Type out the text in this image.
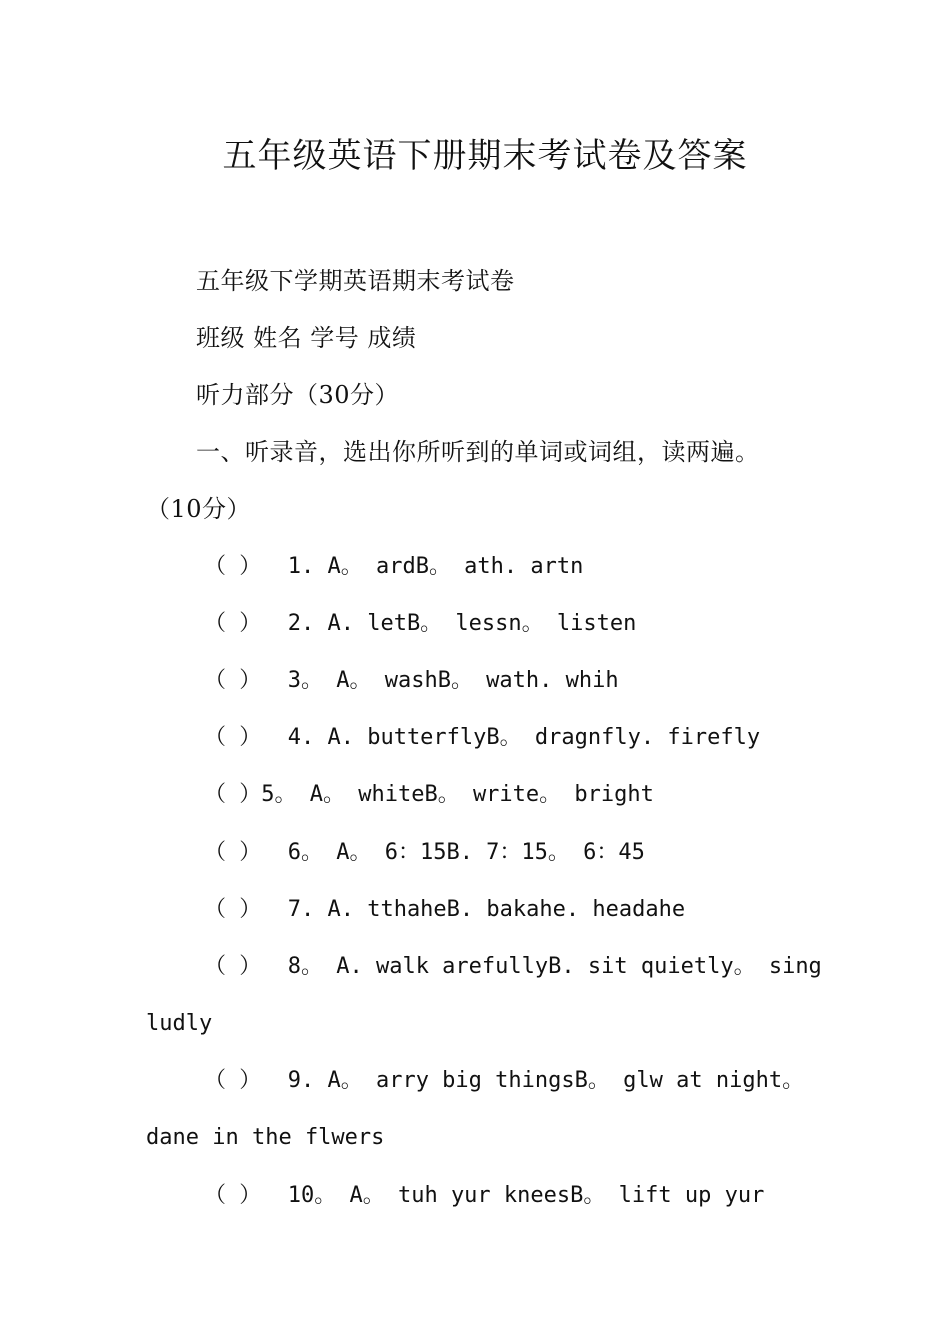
五年级英语下册期末考试卷及答案
五年级下学期英语期末考试卷
班级 姓名 学号 成绩
听力部分（30分）
一、听录音，选出你所听到的单词或词组，读两遍。
（10分）
（ ）  1. A。 ardB。 ath. artn
（ ）  2. A. letB。 lessn。 listen
（ ）  3。 A。 washB。 wath. whih
（ ）  4. A. butterflyB。 dragnfly. firefly
（ ）5。 A。 whiteB。 write。 bright
（ ）  6。 A。 6：15B. 7：15。 6：45
（ ）  7. A. tthaheB. bakahe. headahe
（ ）  8。 A. walk arefullyB. sit quietly。 sing
ludly
（ ）  9. A。 arry big thingsB。 glw at night。
dane in the flwers
（ ）  10。 A。 tuh yur kneesB。 lift up yur
